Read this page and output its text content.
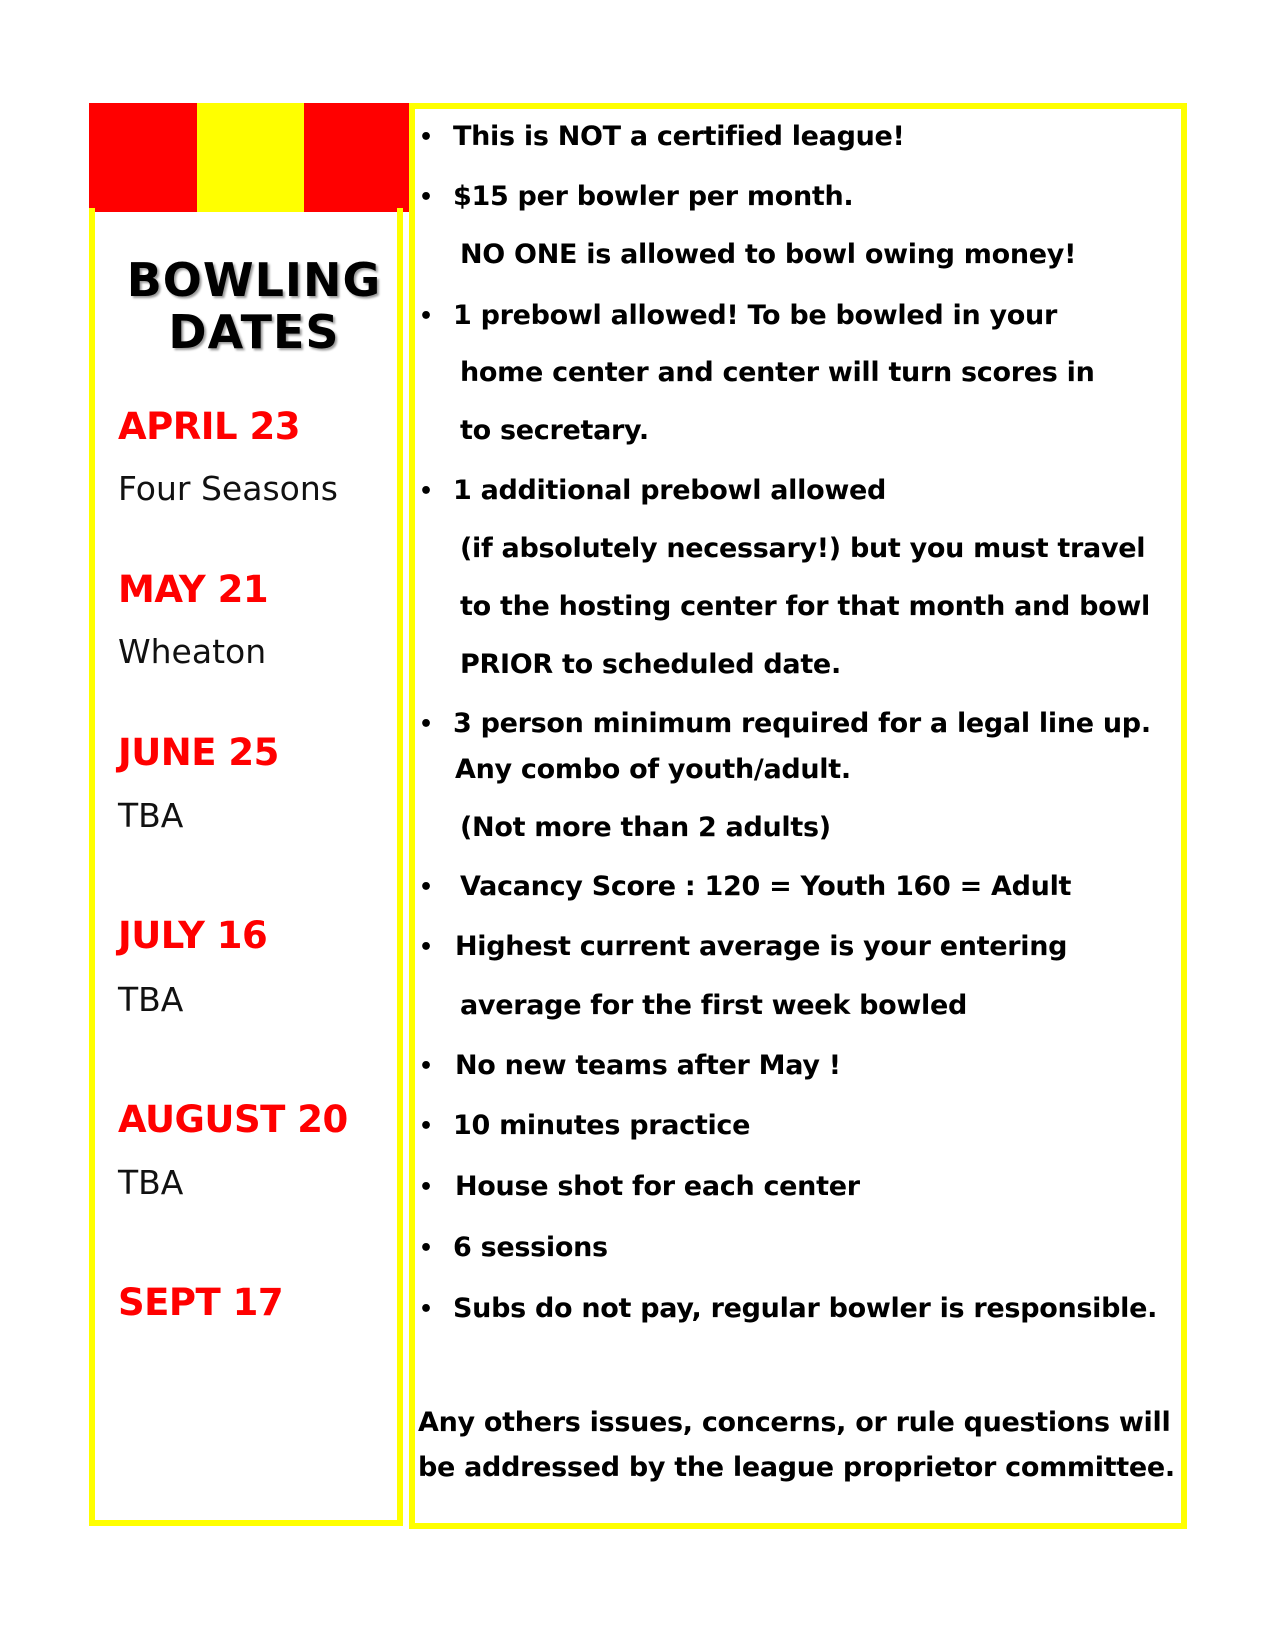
BOWLING
DATES
APRIL 23
Four Seasons
MAY 21
Wheaton
JUNE 25
TBA
JULY 16
TBA
AUGUST 20
TBA
SEPT 17
•
•
•
•
•
•
•
•
•
•
•
•
This is NOT a certified league!
$15 per bowler per month.
NO ONE is allowed to bowl owing money!
1 prebowl allowed! To be bowled in your
home center and center will turn scores in
to secretary.
1 additional prebowl allowed
(if absolutely necessary!) but you must travel
to the hosting center for that month and bowl
PRIOR to scheduled date.
3 person minimum required for a legal line up.
Any combo of youth/adult.
(Not more than 2 adults)
Vacancy Score : 120 = Youth 160 = Adult
Highest current average is your entering
average for the first week bowled
No new teams after May !
10 minutes practice
House shot for each center
6 sessions
Subs do not pay, regular bowler is responsible.
Any others issues, concerns, or rule questions will
be addressed by the league proprietor committee.
